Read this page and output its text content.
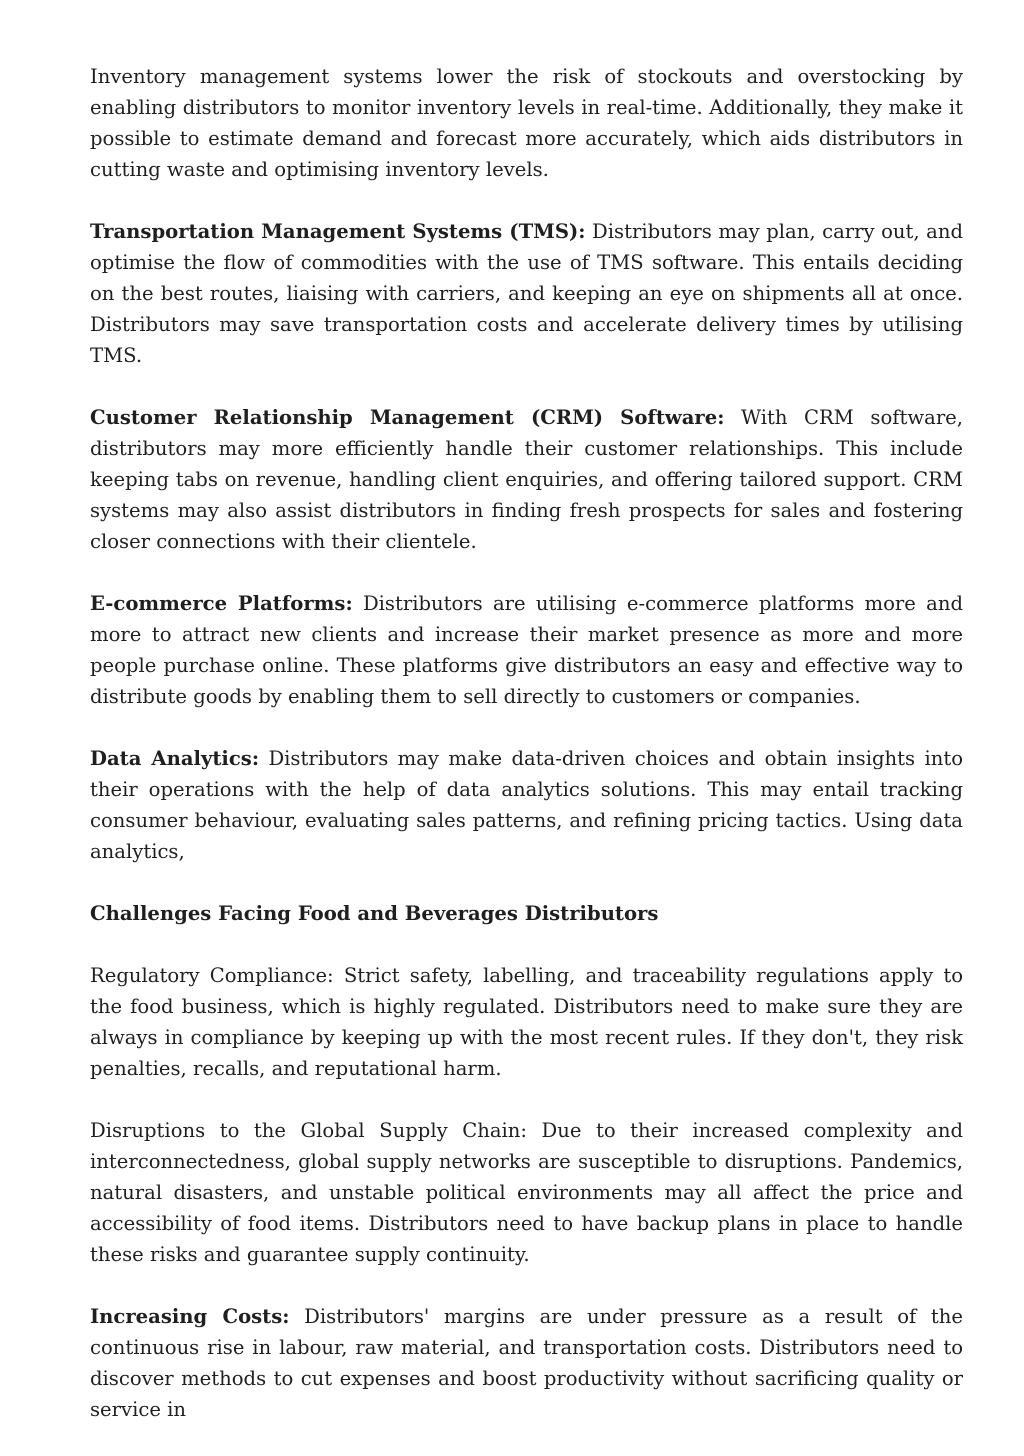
Inventory management systems lower the risk of stockouts and overstocking by enabling distributors to monitor inventory levels in real-time. Additionally, they make it possible to estimate demand and forecast more accurately, which aids distributors in cutting waste and optimising inventory levels.

Transportation Management Systems (TMS): Distributors may plan, carry out, and optimise the flow of commodities with the use of TMS software. This entails deciding on the best routes, liaising with carriers, and keeping an eye on shipments all at once. Distributors may save transportation costs and accelerate delivery times by utilising TMS.

Customer Relationship Management (CRM) Software: With CRM software, distributors may more efficiently handle their customer relationships. This include keeping tabs on revenue, handling client enquiries, and offering tailored support. CRM systems may also assist distributors in finding fresh prospects for sales and fostering closer connections with their clientele.

E-commerce Platforms: Distributors are utilising e-commerce platforms more and more to attract new clients and increase their market presence as more and more people purchase online. These platforms give distributors an easy and effective way to distribute goods by enabling them to sell directly to customers or companies.

Data Analytics: Distributors may make data-driven choices and obtain insights into their operations with the help of data analytics solutions. This may entail tracking consumer behaviour, evaluating sales patterns, and refining pricing tactics. Using data analytics,

Challenges Facing Food and Beverages Distributors

Regulatory Compliance: Strict safety, labelling, and traceability regulations apply to the food business, which is highly regulated. Distributors need to make sure they are always in compliance by keeping up with the most recent rules. If they don't, they risk penalties, recalls, and reputational harm.

Disruptions to the Global Supply Chain: Due to their increased complexity and interconnectedness, global supply networks are susceptible to disruptions. Pandemics, natural disasters, and unstable political environments may all affect the price and accessibility of food items. Distributors need to have backup plans in place to handle these risks and guarantee supply continuity.

Increasing Costs: Distributors' margins are under pressure as a result of the continuous rise in labour, raw material, and transportation costs. Distributors need to discover methods to cut expenses and boost productivity without sacrificing quality or service in
